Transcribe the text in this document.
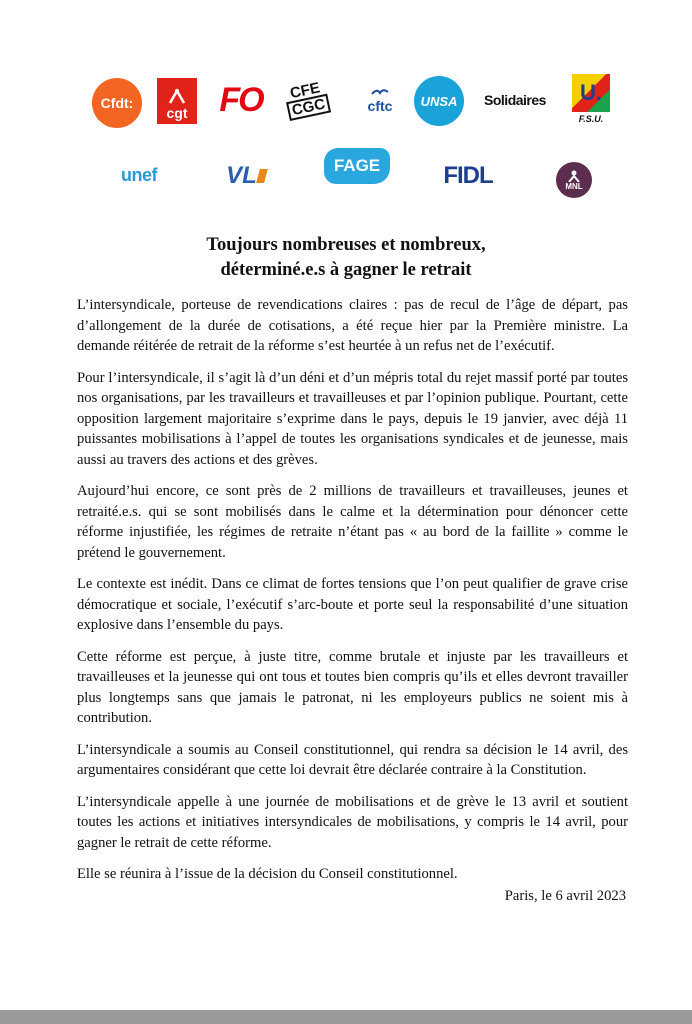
Cfdt:
cgt FO CFE
CGC	cftc UNSA Solidaires U.
F.S.U.
unef	VL	FAGE	FIDL	MNL
Toujours nombreuses et nombreux,
déterminé.e.s à gagner le retrait

L’intersyndicale, porteuse de revendications claires : pas de recul de l’âge de départ, pas d’allongement de la durée de cotisations, a été reçue hier par la Première ministre. La demande réitérée de retrait de la réforme s’est heurtée à un refus net de l’exécutif.

Pour l’intersyndicale, il s’agit là d’un déni et d’un mépris total du rejet massif porté par toutes nos organisations, par les travailleurs et travailleuses et par l’opinion publique. Pourtant, cette opposition largement majoritaire s’exprime dans le pays, depuis le 19 janvier, avec déjà 11 puissantes mobilisations à l’appel de toutes les organisations syndicales et de jeunesse, mais aussi au travers des actions et des grèves.

Aujourd’hui encore, ce sont près de 2 millions de travailleurs et travailleuses, jeunes et retraité.e.s. qui se sont mobilisés dans le calme et la détermination pour dénoncer cette réforme injustifiée, les régimes de retraite n’étant pas « au bord de la faillite » comme le prétend le gouvernement.

Le contexte est inédit. Dans ce climat de fortes tensions que l’on peut qualifier de grave crise démocratique et sociale, l’exécutif s’arc-boute et porte seul la responsabilité d’une situation explosive dans l’ensemble du pays.

Cette réforme est perçue, à juste titre, comme brutale et injuste par les travailleurs et travailleuses et la jeunesse qui ont tous et toutes bien compris qu’ils et elles devront travailler plus longtemps sans que jamais le patronat, ni les employeurs publics ne soient mis à contribution.

L’intersyndicale a soumis au Conseil constitutionnel, qui rendra sa décision le 14 avril, des argumentaires considérant que cette loi devrait être déclarée contraire à la Constitution.

L’intersyndicale appelle à une journée de mobilisations et de grève le 13 avril et soutient toutes les actions et initiatives intersyndicales de mobilisations, y compris le 14 avril, pour gagner le retrait de cette réforme.

Elle se réunira à l’issue de la décision du Conseil constitutionnel.

Paris, le 6 avril 2023
